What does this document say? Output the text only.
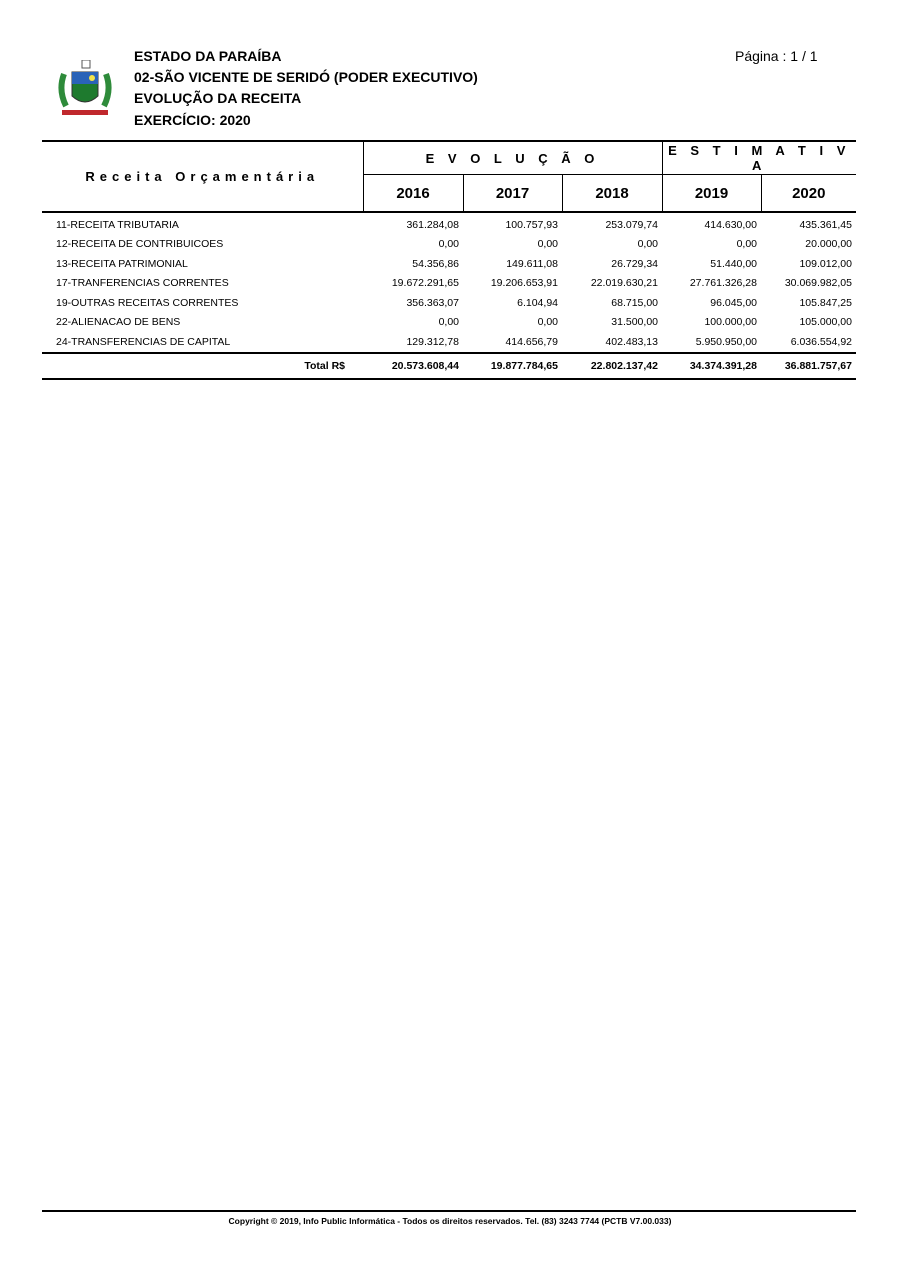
ESTADO DA PARAÍBA
02-SÃO VICENTE DE SERIDÓ (PODER EXECUTIVO)
EVOLUÇÃO DA RECEITA
EXERCÍCIO: 2020
Página : 1 / 1
Receita Orçamentária	E V O L U Ç Ã O			E S T I M A T I V A	
	2016	2017	2018	2019	2020
11-RECEITA TRIBUTARIA	361.284,08	100.757,93	253.079,74	414.630,00	435.361,45
12-RECEITA DE CONTRIBUICOES	0,00	0,00	0,00	0,00	20.000,00
13-RECEITA PATRIMONIAL	54.356,86	149.611,08	26.729,34	51.440,00	109.012,00
17-TRANFERENCIAS CORRENTES	19.672.291,65	19.206.653,91	22.019.630,21	27.761.326,28	30.069.982,05
19-OUTRAS RECEITAS CORRENTES	356.363,07	6.104,94	68.715,00	96.045,00	105.847,25
22-ALIENACAO DE BENS	0,00	0,00	31.500,00	100.000,00	105.000,00
24-TRANSFERENCIAS DE CAPITAL	129.312,78	414.656,79	402.483,13	5.950.950,00	6.036.554,92
Total R$	20.573.608,44	19.877.784,65	22.802.137,42	34.374.391,28	36.881.757,67
Copyright © 2019, Info Public Informática - Todos os direitos reservados. Tel. (83) 3243 7744 (PCTB V7.00.033)
